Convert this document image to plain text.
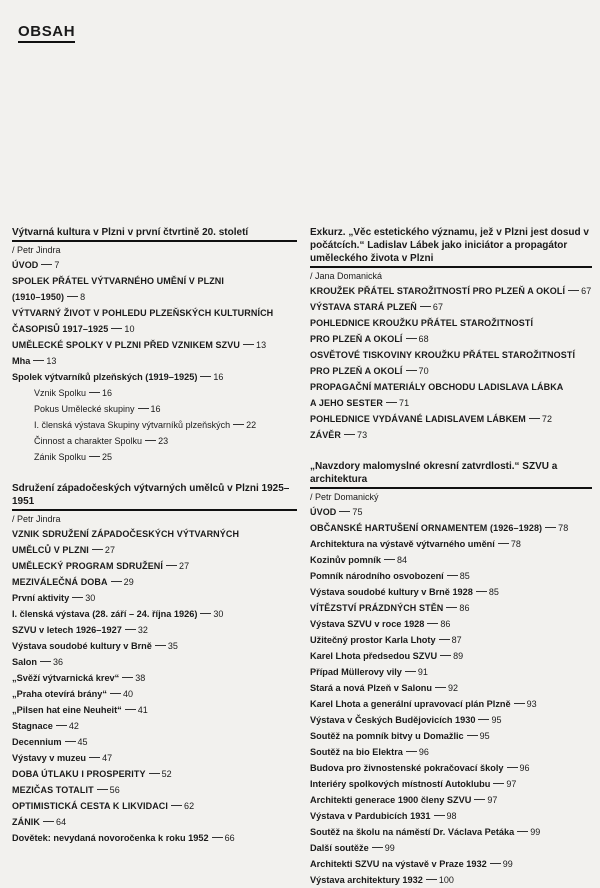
OBSAH
Výtvarná kultura v Plzni v první čtvrtině 20. století
/ Petr Jindra
ÚVOD 7
SPOLEK PŘÁTEL VÝTVARNÉHO UMĚNÍ V PLZNI
(1910–1950) 8
VÝTVARNÝ ŽIVOT V POHLEDU PLZEŇSKÝCH KULTURNÍCH
ČASOPISŮ 1917–1925 10
UMĚLECKÉ SPOLKY V PLZNI PŘED VZNIKEM SZVU 13
Mha 13
Spolek výtvarníků plzeňských (1919–1925) 16
Vznik Spolku 16
Pokus Umělecké skupiny 16
I. členská výstava Skupiny výtvarníků plzeňských 22
Činnost a charakter Spolku 23
Zánik Spolku 25
Sdružení západočeských výtvarných umělců v Plzni 1925–1951
/ Petr Jindra
VZNIK SDRUŽENÍ ZÁPADOČESKÝCH VÝTVARNÝCH
UMĚLCŮ V PLZNI 27
UMĚLECKÝ PROGRAM SDRUŽENÍ 27
MEZIVÁLEČNÁ DOBA 29
První aktivity 30
I. členská výstava (28. září – 24. října 1926) 30
SZVU v letech 1926–1927 32
Výstava soudobé kultury v Brně 35
Salon 36
„Svěží výtvarnická krev“ 38
„Praha otevírá brány“ 40
„Pilsen hat eine Neuheit“ 41
Stagnace 42
Decennium 45
Výstavy v muzeu 47
DOBA ÚTLAKU I PROSPERITY 52
MEZIČAS TOTALIT 56
OPTIMISTICKÁ CESTA K LIKVIDACI 62
ZÁNIK 64
Dovětek: nevydaná novoročenka k roku 1952 66
Exkurz. „Věc estetického významu, jež v Plzni jest dosud v počátcích.“ Ladislav Lábek jako iniciátor a propagátor uměleckého života v Plzni
/ Jana Domanická
KROUŽEK PŘÁTEL STAROŽITNOSTÍ PRO PLZEŇ A OKOLÍ 67
VÝSTAVA STARÁ PLZEŇ 67
POHLEDNICE KROUŽKU PŘÁTEL STAROŽITNOSTÍ
PRO PLZEŇ A OKOLÍ 68
OSVĚTOVÉ TISKOVINY KROUŽKU PŘÁTEL STAROŽITNOSTÍ
PRO PLZEŇ A OKOLÍ 70
PROPAGAČNÍ MATERIÁLY OBCHODU LADISLAVA LÁBKA
A JEHO SESTER 71
POHLEDNICE VYDÁVANÉ LADISLAVEM LÁBKEM 72
ZÁVĚR 73
„Navzdory malomyslné okresní zatvrdlosti.“ SZVU a architektura
/ Petr Domanický
ÚVOD 75
OBČANSKÉ HARTUŠENÍ ORNAMENTEM (1926–1928) 78
Architektura na výstavě výtvarného umění 78
Kozinův pomník 84
Pomník národního osvobození 85
Výstava soudobé kultury v Brně 1928 85
VÍTĚZSTVÍ PRÁZDNÝCH STĚN 86
Výstava SZVU v roce 1928 86
Užitečný prostor Karla Lhoty 87
Karel Lhota předsedou SZVU 89
Případ Müllerovy vily 91
Stará a nová Plzeň v Salonu 92
Karel Lhota a generální upravovací plán Plzně 93
Výstava v Českých Budějovicích 1930 95
Soutěž na pomník bitvy u Domažlic 95
Soutěž na bio Elektra 96
Budova pro živnostenské pokračovací školy 96
Interiéry spolkových místností Autoklubu 97
Architekti generace 1900 členy SZVU 97
Výstava v Pardubicích 1931 98
Soutěž na školu na náměstí Dr. Václava Petáka 99
Další soutěže 99
Architekti SZVU na výstavě v Praze 1932 99
Výstava architektury 1932 100
